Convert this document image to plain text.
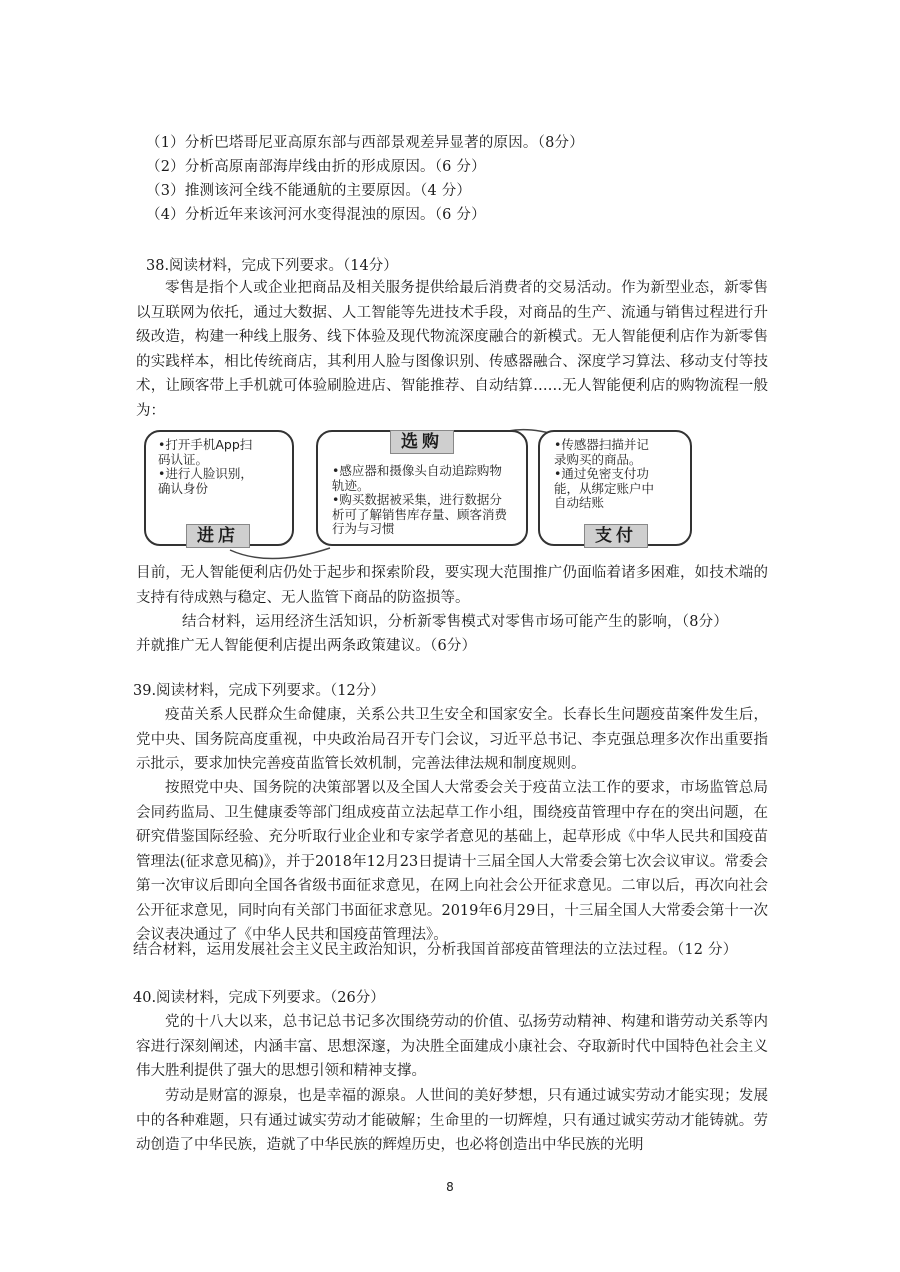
（1）分析巴塔哥尼亚高原东部与西部景观差异显著的原因。（8分）
（2）分析高原南部海岸线由折的形成原因。（6 分）
（3）推测该河全线不能通航的主要原因。（4 分）
（4）分析近年来该河河水变得混浊的原因。（6 分）
38.阅读材料，完成下列要求。（14分）
零售是指个人或企业把商品及相关服务提供给最后消费者的交易活动。作为新型业态，新零售以互联网为依托，通过大数据、人工智能等先进技术手段，对商品的生产、流通与销售过程进行升级改造，构建一种线上服务、线下体验及现代物流深度融合的新模式。无人智能便利店作为新零售的实践样本，相比传统商店，其利用人脸与图像识别、传感器融合、深度学习算法、移动支付等技术，让顾客带上手机就可体验刷脸进店、智能推荐、自动结算……无人智能便利店的购物流程一般为：
•打开手机App扫码认证。
•进行人脸识别，确认身份
进店
选购
•感应器和摄像头自动追踪购物轨迹。
•购买数据被采集，进行数据分析可了解销售库存量、顾客消费行为与习惯
•传感器扫描并记录购买的商品。
•通过免密支付功能，从绑定账户中自动结账
支付
目前，无人智能便利店仍处于起步和探索阶段，要实现大范围推广仍面临着诸多困难，如技术端的支持有待成熟与稳定、无人监管下商品的防盗损等。
结合材料，运用经济生活知识，分析新零售模式对零售市场可能产生的影响，（8分）
并就推广无人智能便利店提出两条政策建议。（6分）
39.阅读材料，完成下列要求。（12分）
疫苗关系人民群众生命健康，关系公共卫生安全和国家安全。长春长生问题疫苗案件发生后，党中央、国务院高度重视，中央政治局召开专门会议，习近平总书记、李克强总理多次作出重要指示批示，要求加快完善疫苗监管长效机制，完善法律法规和制度规则。
按照党中央、国务院的决策部署以及全国人大常委会关于疫苗立法工作的要求，市场监管总局会同药监局、卫生健康委等部门组成疫苗立法起草工作小组，围绕疫苗管理中存在的突出问题，在研究借鉴国际经验、充分听取行业企业和专家学者意见的基础上，起草形成《中华人民共和国疫苗管理法(征求意见稿)》，并于2018年12月23日提请十三届全国人大常委会第七次会议审议。常委会第一次审议后即向全国各省级书面征求意见，在网上向社会公开征求意见。二审以后，再次向社会公开征求意见，同时向有关部门书面征求意见。2019年6月29日，十三届全国人大常委会第十一次会议表决通过了《中华人民共和国疫苗管理法》。
结合材料，运用发展社会主义民主政治知识，分析我国首部疫苗管理法的立法过程。（12 分）
40.阅读材料，完成下列要求。（26分）
党的十八大以来，总书记总书记多次围绕劳动的价值、弘扬劳动精神、构建和谐劳动关系等内容进行深刻阐述，内涵丰富、思想深邃，为决胜全面建成小康社会、夺取新时代中国特色社会主义伟大胜利提供了强大的思想引领和精神支撑。
劳动是财富的源泉，也是幸福的源泉。人世间的美好梦想，只有通过诚实劳动才能实现；发展中的各种难题，只有通过诚实劳动才能破解；生命里的一切辉煌，只有通过诚实劳动才能铸就。劳动创造了中华民族，造就了中华民族的辉煌历史，也必将创造出中华民族的光明
8
